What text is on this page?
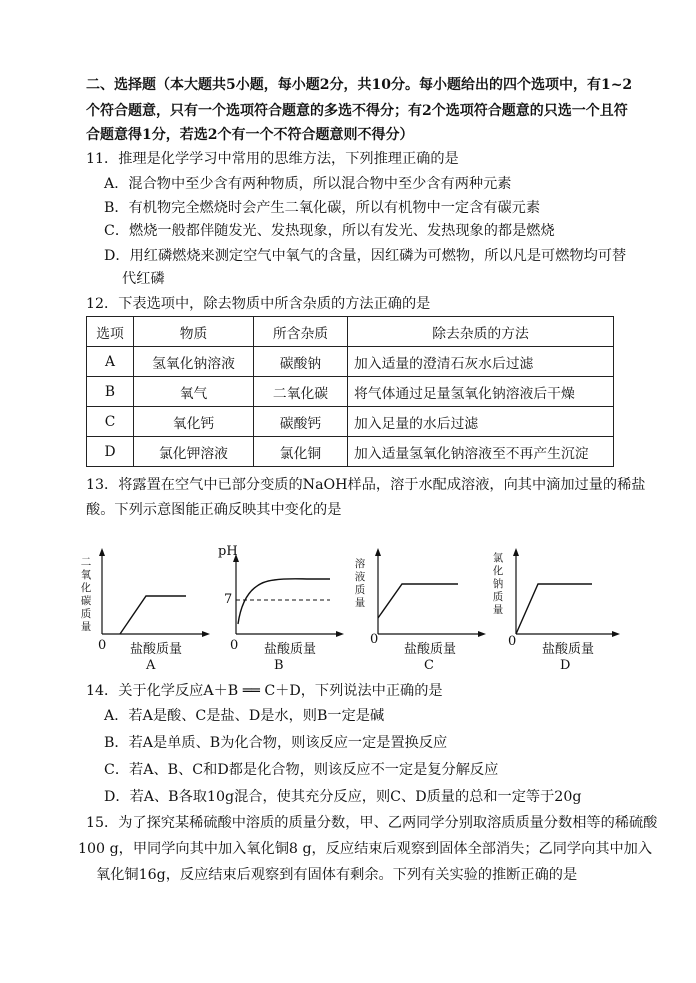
二、选择题（本大题共5小题，每小题2分，共10分。每小题给出的四个选项中，有1~2
个符合题意，只有一个选项符合题意的多选不得分；有2个选项符合题意的只选一个且符
合题意得1分，若选2个有一个不符合题意则不得分）
11．推理是化学学习中常用的思维方法，下列推理正确的是
A．混合物中至少含有两种物质，所以混合物中至少含有两种元素
B．有机物完全燃烧时会产生二氧化碳，所以有机物中一定含有碳元素
C．燃烧一般都伴随发光、发热现象，所以有发光、发热现象的都是燃烧
D．用红磷燃烧来测定空气中氧气的含量，因红磷为可燃物，所以凡是可燃物均可替
代红磷
12．下表选项中，除去物质中所含杂质的方法正确的是
选项	物质	所含杂质	除去杂质的方法
A	氢氧化钠溶液	碳酸钠	加入适量的澄清石灰水后过滤
B	氧气	二氧化碳	将气体通过足量氢氧化钠溶液后干燥
C	氧化钙	碳酸钙	加入足量的水后过滤
D	氯化钾溶液	氯化铜	加入适量氢氧化钠溶液至不再产生沉淀
13．将露置在空气中已部分变质的NaOH样品，溶于水配成溶液，向其中滴加过量的稀盐
酸。下列示意图能正确反映其中变化的是
二氧化碳质量
0 盐酸质量
A
pH
7
0 盐酸质量
B
溶液质量
0
盐酸质量
C
氯化钠质量
0
盐酸质量
D
14．关于化学反应A＋B ══ C＋D，下列说法中正确的是
A．若A是酸、C是盐、D是水，则B一定是碱
B．若A是单质、B为化合物，则该反应一定是置换反应
C．若A、B、C和D都是化合物，则该反应不一定是复分解反应
D．若A、B各取10g混合，使其充分反应，则C、D质量的总和一定等于20g
15．为了探究某稀硫酸中溶质的质量分数，甲、乙两同学分别取溶质质量分数相等的稀硫酸
100 g，甲同学向其中加入氧化铜8 g，反应结束后观察到固体全部消失；乙同学向其中加入
氧化铜16g，反应结束后观察到有固体有剩余。下列有关实验的推断正确的是
